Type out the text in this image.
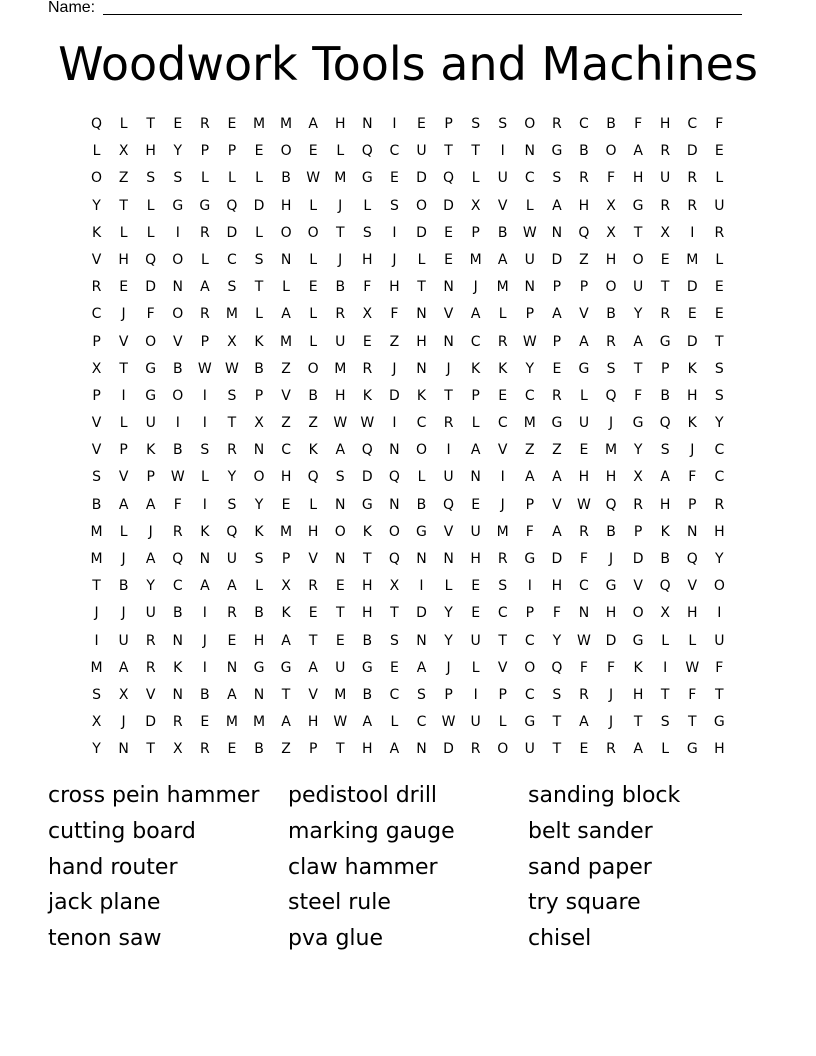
Name:
Woodwork Tools and Machines
Q	L	T	E	R	E	M	M	A	H	N	I	E	P	S	S	O	R	C	B	F	H	C	F
L	X	H	Y	P	P	E	O	E	L	Q	C	U	T	T	I	N	G	B	O	A	R	D	E
O	Z	S	S	L	L	L	B	W	M	G	E	D	Q	L	U	C	S	R	F	H	U	R	L
Y	T	L	G	G	Q	D	H	L	J	L	S	O	D	X	V	L	A	H	X	G	R	R	U
K	L	L	I	R	D	L	O	O	T	S	I	D	E	P	B	W	N	Q	X	T	X	I	R
V	H	Q	O	L	C	S	N	L	J	H	J	L	E	M	A	U	D	Z	H	O	E	M	L
R	E	D	N	A	S	T	L	E	B	F	H	T	N	J	M	N	P	P	O	U	T	D	E
C	J	F	O	R	M	L	A	L	R	X	F	N	V	A	L	P	A	V	B	Y	R	E	E
P	V	O	V	P	X	K	M	L	U	E	Z	H	N	C	R	W	P	A	R	A	G	D	T
X	T	G	B	W W	B	Z	O	M	R	J	N	J	K	K	Y	E	G	S	T	P	K	S
P	I	G	O	I	S	P	V	B	H	K	D	K	T	P	E	C	R	L	Q	F	B	H	S
V	L	U	I	I	T	X	Z	Z	W W	I	C	R	L	C	M	G	U	J	G	Q	K	Y
V	P	K	B	S	R	N	C	K	A	Q	N	O	I	A	V	Z	Z	E	M	Y	S	J	C
S	V	P	W	L	Y	O	H	Q	S	D	Q	L	U	N	I	A	A	H	H	X	A	F	C
B	A	A	F	I	S	Y	E	L	N	G	N	B	Q	E	J	P	V	W	Q	R	H	P	R
M	L	J	R	K	Q	K	M	H	O	K	O	G	V	U	M	F	A	R	B	P	K	N	H
M	J	A	Q	N	U	S	P	V	N	T	Q	N	N	H	R	G	D	F	J	D	B	Q	Y
T	B	Y	C	A	A	L	X	R	E	H	X	I	L	E	S	I	H	C	G	V	Q	V	O
J	J	U	B	I	R	B	K	E	T	H	T	D	Y	E	C	P	F	N	H	O	X	H	I
I	U	R	N	J	E	H	A	T	E	B	S	N	Y	U	T	C	Y	W	D	G	L	L	U
M	A	R	K	I	N	G	G	A	U	G	E	A	J	L	V	O	Q	F	F	K	I	W	F
S	X	V	N	B	A	N	T	V	M	B	C	S	P	I	P	C	S	R	J	H	T	F	T
X	J	D	R	E	M	M	A	H	W	A	L	C	W	U	L	G	T	A	J	T	S	T	G
Y	N	T	X	R	E	B	Z	P	T	H	A	N	D	R	O	U	T	E	R	A	L	G	H
cross pein hammer	pedistool drill	sanding block
cutting board	marking gauge	belt sander
hand router	claw hammer	sand paper
jack plane	steel rule	try square
tenon saw	pva glue	chisel
